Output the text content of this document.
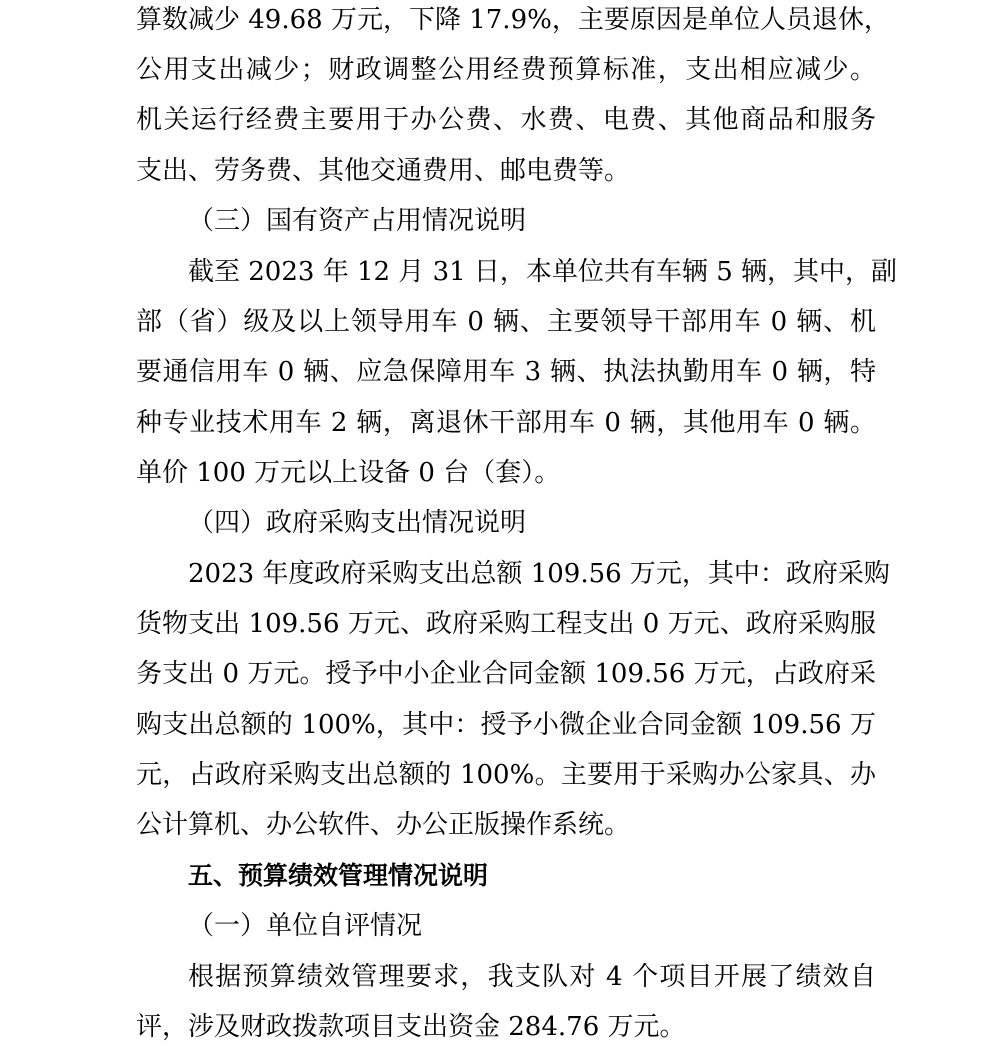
算数减少 49.68 万元，下降 17.9%，主要原因是单位人员退休，
公用支出减少；财政调整公用经费预算标准，支出相应减少。
机关运行经费主要用于办公费、水费、电费、其他商品和服务
支出、劳务费、其他交通费用、邮电费等。
（三）国有资产占用情况说明
截至 2023 年 12 月 31 日，本单位共有车辆 5 辆，其中，副
部（省）级及以上领导用车 0 辆、主要领导干部用车 0 辆、机
要通信用车 0 辆、应急保障用车 3 辆、执法执勤用车 0 辆，特
种专业技术用车 2 辆，离退休干部用车 0 辆，其他用车 0 辆。
单价 100 万元以上设备 0 台（套）。
（四）政府采购支出情况说明
2023 年度政府采购支出总额 109.56 万元，其中：政府采购
货物支出 109.56 万元、政府采购工程支出 0 万元、政府采购服
务支出 0 万元。授予中小企业合同金额 109.56 万元，占政府采
购支出总额的 100%，其中：授予小微企业合同金额 109.56 万
元，占政府采购支出总额的 100%。主要用于采购办公家具、办
公计算机、办公软件、办公正版操作系统。
五、预算绩效管理情况说明
（一）单位自评情况
根据预算绩效管理要求，我支队对 4 个项目开展了绩效自
评，涉及财政拨款项目支出资金 284.76 万元。
